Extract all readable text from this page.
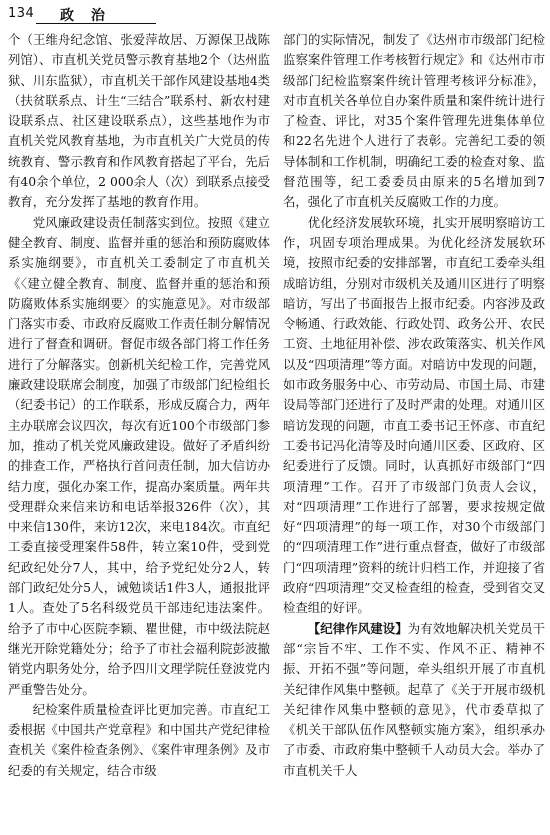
134 政 治

个（王维舟纪念馆、张爱萍故居、万源保卫战陈列馆）、市直机关党员警示教育基地2个（达州监狱、川东监狱），市直机关干部作风建设基地4类（扶贫联系点、计生“三结合”联系村、新农村建设联系点、社区建设联系点），这些基地作为市直机关党风教育基地，为市直机关广大党员的传统教育、警示教育和作风教育搭起了平台，先后有40余个单位，2 000余人（次）到联系点接受教育，充分发挥了基地的教育作用。

党风廉政建设责任制落实到位。按照《建立健全教育、制度、监督并重的惩治和预防腐败体系实施纲要》，市直机关工委制定了市直机关《〈建立健全教育、制度、监督并重的惩治和预防腐败体系实施纲要〉的实施意见》。对市级部门落实市委、市政府反腐败工作责任制分解情况进行了督查和调研。督促市级各部门将工作任务进行了分解落实。创新机关纪检工作，完善党风廉政建设联席会制度，加强了市级部门纪检组长（纪委书记）的工作联系，形成反腐合力，两年主办联席会议四次，每次有近100个市级部门参加，推动了机关党风廉政建设。做好了矛盾纠纷的排查工作，严格执行首问责任制，加大信访办结力度，强化办案工作，提高办案质量。两年共受理群众来信来访和电话举报326件（次），其中来信130件，来访12次，来电184次。市直纪工委直接受理案件58件，转立案10件，受到党纪政纪处分7人，其中，给予党纪处分2人，转部门政纪处分5人，诫勉谈话1件3人，通报批评1人。查处了5名科级党员干部违纪违法案件。给予了市中心医院李颖、瞿世健，市中级法院赵继光开除党籍处分；给予了市社会福利院彭波撤销党内职务处分，给予四川文理学院任登波党内严重警告处分。

纪检案件质量检查评比更加完善。市直纪工委根据《中国共产党章程》和中国共产党纪律检查机关《案件检查条例》、《案件审理条例》及市纪委的有关规定，结合市级

部门的实际情况，制发了《达州市市级部门纪检监察案件管理工作考核暂行规定》和《达州市市级部门纪检监察案件统计管理考核评分标准》，对市直机关各单位自办案件质量和案件统计进行了检查、评比，对35个案件管理先进集体单位和22名先进个人进行了表彰。完善纪工委的领导体制和工作机制，明确纪工委的检查对象、监督范围等，纪工委委员由原来的5名增加到7名，强化了市直机关反腐败工作的力度。

优化经济发展软环境，扎实开展明察暗访工作，巩固专项治理成果。为优化经济发展软环境，按照市纪委的安排部署，市直纪工委牵头组成暗访组，分别对市级机关及通川区进行了明察暗访，写出了书面报告上报市纪委。内容涉及政令畅通、行政效能、行政处罚、政务公开、农民工资、土地征用补偿、涉农政策落实、机关作风以及“四项清理”等方面。对暗访中发现的问题，如市政务服务中心、市劳动局、市国土局、市建设局等部门还进行了及时严肃的处理。对通川区暗访发现的问题，市直工委书记王怀彦、市直纪工委书记冯化清等及时向通川区委、区政府、区纪委进行了反馈。同时，认真抓好市级部门“四项清理”工作。召开了市级部门负责人会议，对“四项清理”工作进行了部署，要求按规定做好“四项清理”的每一项工作，对30个市级部门的“四项清理工作”进行重点督查，做好了市级部门“四项清理”资料的统计归档工作，并迎接了省政府“四项清理”交叉检查组的检查，受到省交叉检查组的好评。

【纪律作风建设】为有效地解决机关党员干部“宗旨不牢、工作不实、作风不正、精神不振、开拓不强”等问题，牵头组织开展了市直机关纪律作风集中整顿。起草了《关于开展市级机关纪律作风集中整顿的意见》，代市委草拟了《机关干部队伍作风整顿实施方案》，组织承办了市委、市政府集中整顿千人动员大会。举办了市直机关千人
